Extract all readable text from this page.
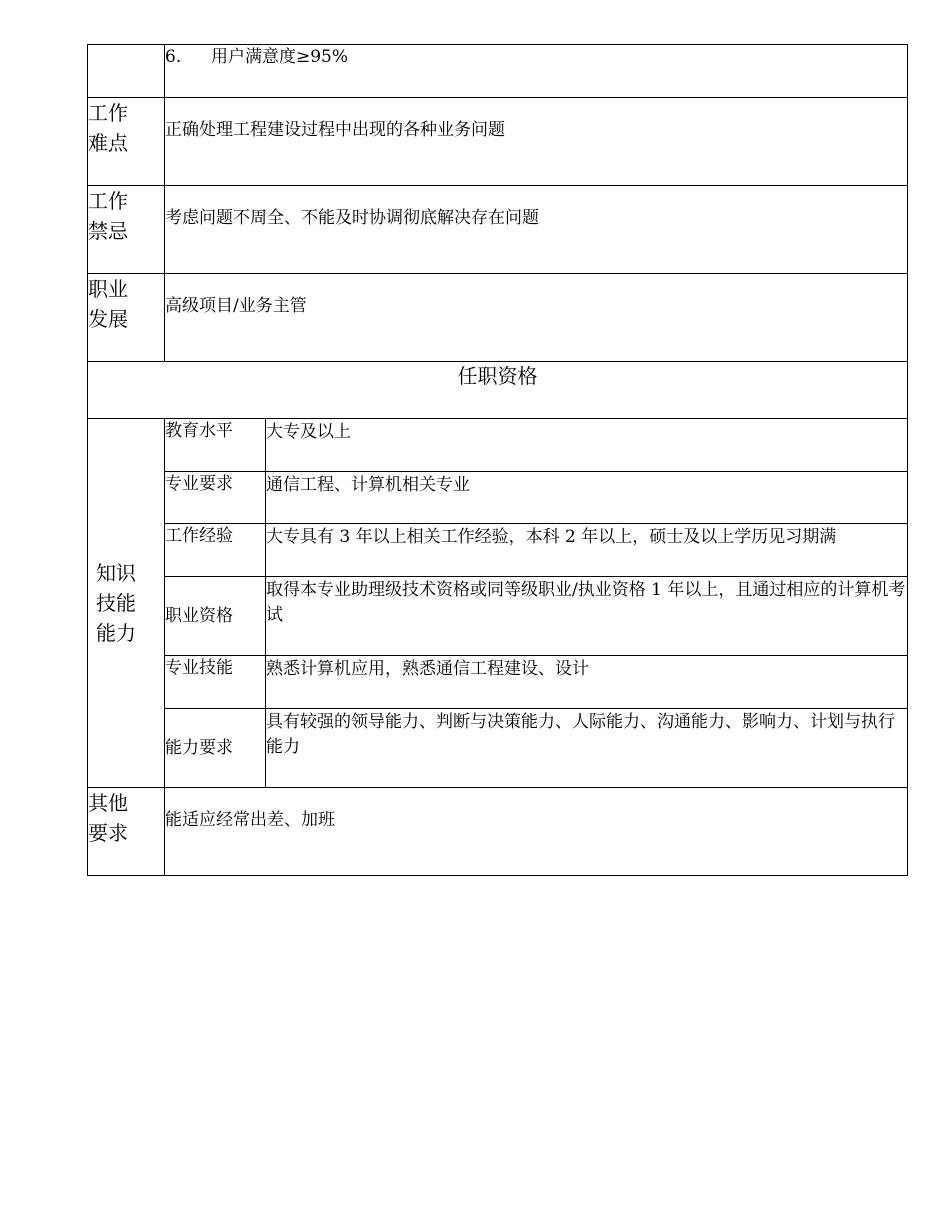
	6. 用户满意度≥95%	
工作
难点	正确处理工程建设过程中出现的各种业务问题	
工作
禁忌	考虑问题不周全、不能及时协调彻底解决存在问题	
职业
发展	高级项目/业务主管	
任职资格		
知识
技能
能力	教育水平	大专及以上
	专业要求	通信工程、计算机相关专业
	工作经验	大专具有 3 年以上相关工作经验，本科 2 年以上，硕士及以上学历见习期满
	职业资格	取得本专业助理级技术资格或同等级职业/执业资格 1 年以上，且通过相应的计算机考试
	专业技能	熟悉计算机应用，熟悉通信工程建设、设计
	能力要求	具有较强的领导能力、判断与决策能力、人际能力、沟通能力、影响力、计划与执行能力
其他
要求	能适应经常出差、加班	
